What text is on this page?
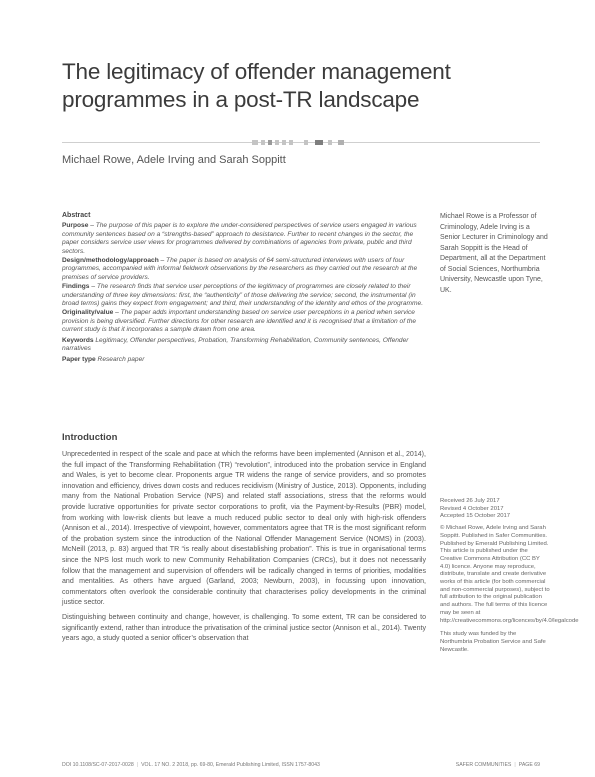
The legitimacy of offender management programmes in a post-TR landscape
Michael Rowe, Adele Irving and Sarah Soppitt
Abstract

Purpose – The purpose of this paper is to explore the under-considered perspectives of service users engaged in various community sentences based on a “strengths-based” approach to desistance. Further to recent changes in the sector, the paper considers service user views for programmes delivered by combinations of agencies from private, public and third sectors.

Design/methodology/approach – The paper is based on analysis of 64 semi-structured interviews with users of four programmes, accompanied with informal fieldwork observations by the researchers as they carried out the research at the premises of service providers.

Findings – The research finds that service user perceptions of the legitimacy of programmes are closely related to their understanding of three key dimensions: first, the “authenticity” of those delivering the service; second, the instrumental (in broad terms) gains they expect from engagement; and third, their understanding of the identity and ethos of the programme.

Originality/value – The paper adds important understanding based on service user perceptions in a period when service provision is being diversified. Further directions for other research are identified and it is recognised that a limitation of the current study is that it incorporates a sample drawn from one area.

Keywords Legitimacy, Offender perspectives, Probation, Transforming Rehabilitation, Community sentences, Offender narratives

Paper type Research paper

Michael Rowe is a Professor of Criminology, Adele Irving is a Senior Lecturer in Criminology and Sarah Soppitt is the Head of Department, all at the Department of Social Sciences, Northumbria University, Newcastle upon Tyne, UK.
Introduction

Unprecedented in respect of the scale and pace at which the reforms have been implemented (Annison et al., 2014), the full impact of the Transforming Rehabilitation (TR) “revolution”, introduced into the probation service in England and Wales, is yet to become clear. Proponents argue TR widens the range of service providers, and so promotes innovation and efficiency, drives down costs and reduces recidivism (Ministry of Justice, 2013). Opponents, including many from the National Probation Service (NPS) and related staff associations, stress that the reforms would provide lucrative opportunities for private sector corporations to profit, via the Payment-by-Results (PBR) model, from working with low-risk clients but leave a much reduced public sector to deal only with high-risk offenders (Annison et al., 2014). Irrespective of viewpoint, however, commentators agree that TR is the most significant reform of the probation system since the introduction of the National Offender Management Service (NOMS) in (2003). McNeill (2013, p. 83) argued that TR “is really about disestablishing probation”. This is true in organisational terms since the NPS lost much work to new Community Rehabilitation Companies (CRCs), but it does not necessarily follow that the management and supervision of offenders will be radically changed in terms of priorities, modalities and mentalities. As others have argued (Garland, 2003; Newburn, 2003), in focussing upon innovation, commentators often overlook the considerable continuity that characterises policy developments in the criminal justice sector.

Distinguishing between continuity and change, however, is challenging. To some extent, TR can be considered to significantly extend, rather than introduce the privatisation of the criminal justice sector (Annison et al., 2014). Twenty years ago, a study quoted a senior officer’s observation that

Received 26 July 2017
Revised 4 October 2017
Accepted 15 October 2017
© Michael Rowe, Adele Irving and Sarah Soppitt. Published in Safer Communities. Published by Emerald Publishing Limited. This article is published under the Creative Commons Attribution (CC BY 4.0) licence. Anyone may reproduce, distribute, translate and create derivative works of this article (for both commercial and non-commercial purposes), subject to full attribution to the original publication and authors. The full terms of this licence may be seen at http://creativecommons.org/licences/by/4.0/legalcode
This study was funded by the Northumbria Probation Service and Safe Newcastle.
DOI 10.1108/SC-07-2017-0028 | VOL. 17 NO. 2 2018, pp. 69-80, Emerald Publishing Limited, ISSN 1757-8043	SAFER COMMUNITIES | PAGE 69
